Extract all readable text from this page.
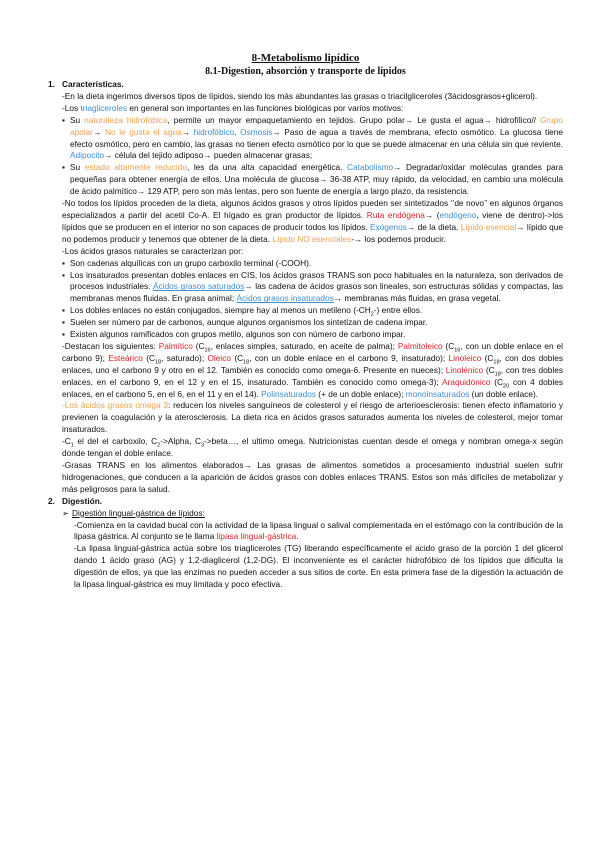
8-Metabolismo lipídico
8.1-Digestion, absorción y transporte de lípidos
1. Características.
-En la dieta ingerimos diversos tipos de lípidos, siendo los más abundantes las grasas o triacilgliceroles (3ácidosgrasos+glicerol).
-Los triagliceroles en general son importantes en las funciones biológicas por varios motivos:
▪ Su naturaleza hidrofóbica, permite un mayor empaquetamiento en tejidos. Grupo polar→ Le gusta el agua→ hidrofílico// Grupo apolar→ No le gusta el agua→ hidrofóbico. Osmosis→ Paso de agua a través de membrana, efecto osmótico. La glucosa tiene efecto osmótico, pero en cambio, las grasas no tienen efecto osmótico por lo que se puede almacenar en una célula sin que reviente. Adipocito→ célula del tejido adiposo→ pueden almacenar grasas;
▪ Su estado altamente reducido, les da una alta capacidad energética. Catabolismo→ Degradar/oxidar moléculas grandes para pequeñas para obtener energía de ellos. Una molécula de glucosa→ 36-38 ATP, muy rápido, da velocidad, en cambio una molécula de ácido palmítico→ 129 ATP, pero son más lentas, pero son fuente de energía a largo plazo, da resistencia.
-No todos los lípidos proceden de la dieta, algunos ácidos grasos y otros lípidos pueden ser sintetizados ‘’de novo’’ en algunos órganos especializados a partir del acetil Co-A. El hígado es gran productor de lípidos. Ruta endógena→ (endógeno, viene de dentro)->los lípidos que se producen en el interior no son capaces de producir todos los lípidos. Exógenos→ de la dieta. Lípido esencial→ lípido que no podemos producir y tenemos que obtener de la dieta. Lípido NO esenciales-→ los podemos producir.
-Los ácidos grasos naturales se caracterizan por:
▪ Son cadenas alquílicas con un grupo carboxilo terminal (-COOH).
▪ Los insaturados presentan dobles enlaces en CIS, los ácidos grasos TRANS son poco habituales en la naturaleza, son derivados de procesos industriales. Ácidos grasos saturados→ las cadena de ácidos grasos son lineales, son estructuras sólidas y compactas, las membranas menos fluidas. En grasa animal; Ácidos grasos insaturados→ membranas más fluidas, en grasa vegetal.
▪ Los dobles enlaces no están conjugados, siempre hay al menos un metileno $(-CH_2-)$ entre ellos.
▪ Suelen ser número par de carbonos, aunque algunos organismos los sintetizan de cadena impar.
▪ Existen algunos ramificados con grupos metilo, algunos son con número de carbono impar.
-Destacan los siguientes: Palmítico ($C_{16}$, enlaces simples, saturado, en aceite de palma); Palmitoleico ($C_{16}$, con un doble enlace en el carbono 9); Esteárico ($C_{18}$, saturado); Oleico ($C_{18}$, con un doble enlace en el carbono 9, insaturado); Linoleico ($C_{18}$, con dos dobles enlaces, uno el carbono 9 y otro en el 12. También es conocido como omega-6. Presente en nueces); Linolénico ($C_{18}$, con tres dobles enlaces, en el carbono 9, en el 12 y en el 15, insaturado. También es conocido como omega-3); Araquidónico ($C_{20}$ con 4 dobles enlaces, en el carbono 5, en el 6, en el 11 y en el 14). Polinsaturados (+ de un doble enlace); monoinsaturados (un doble enlace).
-Los ácidos grasos omega 3: reducen los niveles sanguíneos de colesterol y el riesgo de arterioesclerosis: tienen efecto inflamatorio y previenen la coagulación y la aterosclerosis. La dieta rica en ácidos grasos saturados aumenta los niveles de colesterol, mejor tomar insaturados.
$-C_1$ el del el carboxilo, $C_2->Alpha$, $C_3->beta\dots$, el ultimo omega. Nutricionistas cuentan desde el omega y nombran omega-x según donde tengan el doble enlace.
-Grasas TRANS en los alimentos elaborados→ Las grasas de alimentos sometidos a procesamiento industrial suelen sufrir hidrogenaciones, que conducen a la aparición de ácidos grasos con dobles enlaces TRANS. Estos son más difíciles de metabolizar y más peligrosos para la salud.
2. Digestión.
➢ Digestión lingual-gástrica de lípidos:
-Comienza en la cavidad bucal con la actividad de la lipasa lingual o salival complementada en el estómago con la contribución de la lipasa gástrica. Al conjunto se le llama lipasa lingual-gástrica.
-La lipasa lingual-gástrica actúa sobre los triagliceroles (TG) liberando específicamente el acido graso de la porción 1 del glicerol dando 1 ácido graso (AG) y 1,2-diaglicerol (1,2-DG). El inconveniente es el carácter hidrofóbico de los lípidos que dificulta la digestión de ellos, ya que las enzimas no pueden acceder a sus sitios de corte. En esta primera fase de la digestión la actuación de la lipasa lingual-gástrica es muy limitada y poco efectiva.
